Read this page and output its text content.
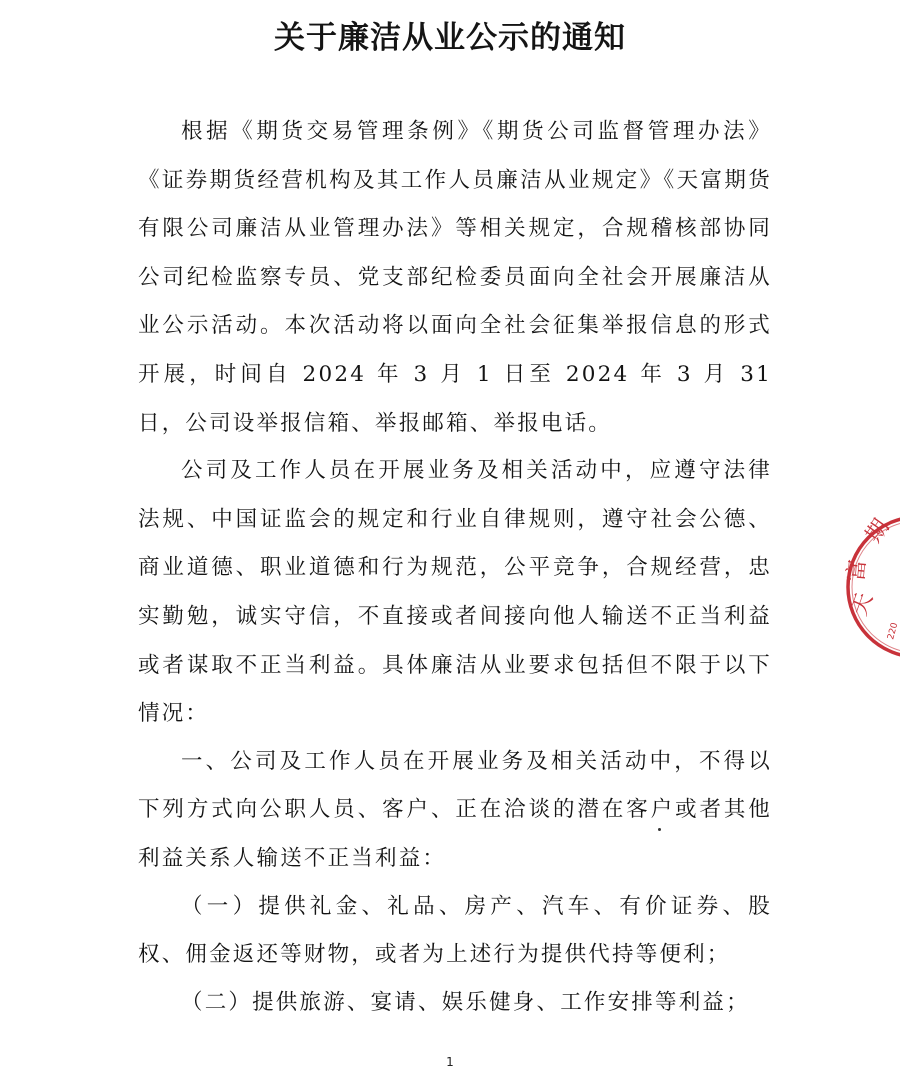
关于廉洁从业公示的通知

根据《期货交易管理条例》《期货公司监督管理办法》《证券期货经营机构及其工作人员廉洁从业规定》《天富期货有限公司廉洁从业管理办法》等相关规定，合规稽核部协同公司纪检监察专员、党支部纪检委员面向全社会开展廉洁从业公示活动。本次活动将以面向全社会征集举报信息的形式开展，时间自 2024 年 3 月 1 日至 2024 年 3 月 31 日，公司设举报信箱、举报邮箱、举报电话。

公司及工作人员在开展业务及相关活动中，应遵守法律法规、中国证监会的规定和行业自律规则，遵守社会公德、商业道德、职业道德和行为规范，公平竞争，合规经营，忠实勤勉，诚实守信，不直接或者间接向他人输送不正当利益或者谋取不正当利益。具体廉洁从业要求包括但不限于以下情况：

一、公司及工作人员在开展业务及相关活动中，不得以下列方式向公职人员、客户、正在洽谈的潜在客户或者其他利益关系人输送不正当利益：

（一）提供礼金、礼品、房产、汽车、有价证券、股权、佣金返还等财物，或者为上述行为提供代持等便利；

（二）提供旅游、宴请、娱乐健身、工作安排等利益；

天
富
期
220
1
